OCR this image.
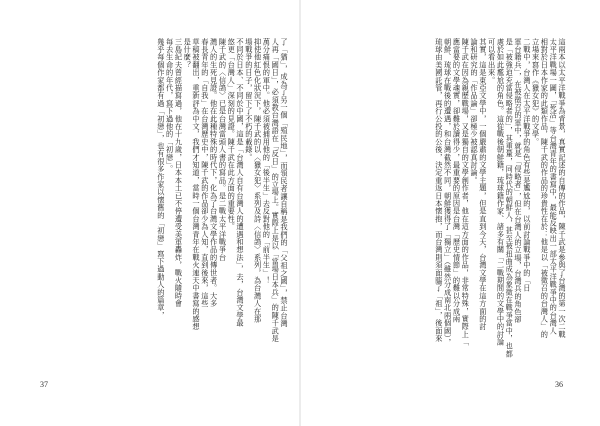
了「猶」，成為了另一個「殖民地」，而領民者讓自稱是我們的「父祖之國」，禁止台灣
人再「國日」，必須教台灣語在「反日」的立場上。實際上是以「當場日本兵」的陳千武是
萬分痛恨的軍中。他必須被捕用他的「後半生」去反對他的「前半生」！
抑使他紅色化狀況下，陳千武的以〈獵女犯〉系列及詩〈信鴿〉系列，為台灣人在那
場戰爭的日子，留下了不朽的載錄。
不同於日本、不同於中國，這是「台灣人自有台灣人的遭遇和想法」，去，台灣文學最
悠更「台灣人」深刻的見證。陳千武在此方面的重要性。
陳千武的〈信鴿〉已是台灣當頭人書的寫品。是二戰太平洋戰爭台
灣人的生死見證。他在此種特殊的時代下，化為了台灣文學作品的傳世者。大多
春長青年的「自我」在台灣歷史中，陳千武的作品卻少為人知，直到後來，這些
草稿被翻出，重新評為中文，我們才知道，當時一個台灣青年在戰火連天中書寫的感想
是什麼？
三島紀夫曾經描寫過，他在十九歲，日本本土已不停遭受美軍轟炸，戰火隨時會
每去生命的年代，寫下過他的「初戀」。
幾乎每個作家都有過「初戀」，也有很多作家以懷舊的「初戀」寫下過動人的篇章，	這兩本以太平洋戰爭為背景，真實記述的自傳的作品，陳千武是參與了台灣的第一次二戰
太平洋戰場一圖，「死活」等台灣青年的書寫中，最能反映出一部太平洋戰爭中的台灣人
相對於日本作家的此類作品，陳千武的作品的珍貴性在於：他是以「被徵召的台灣人」的
立場來寫作《獵女犯》的文學。
二戰中，台灣人在太平洋戰爭的角色有些是尷尬的，以前討論戰爭中的「日
軍台籍兵」，在被徵召的軍中，就是「侵略者」，但在台灣人的立場，台灣兵的角色卻
是「被強迫充當侵略者的」，其重量，同時代的朝鮮人，甚至被扭曲成為象徵在戰爭當中，也都
處於如此尷尬的角色。這從戰後朝鮮籍，琉球籍作家、諸多有關「二戰期間的文學中的討論
可以看出來。
其實，這是東亞文學中，一個嚴肅的文學主題，但是直到今天，台灣文學在這方面的討
論和研究的「作品論」卻極少被認真討論。
陳千武在因為親歷戰場，又是獨自的文學創作者，他在這方面的作品，非常特殊，實際上「
應當要的文學魂實，卻難於讀得少，最重要的原因是台灣「歷史情節」的難以分成兩
朝鮮、琉球在戰後的遭遇，和台灣截然不同，朝鮮獲得了「獨立」（雖然分成南北兩個國），
琉球由美國託管，再行公投的公後，決定重返日本懷抱，而台灣則須面臨了「祖」，後面來
37	36
